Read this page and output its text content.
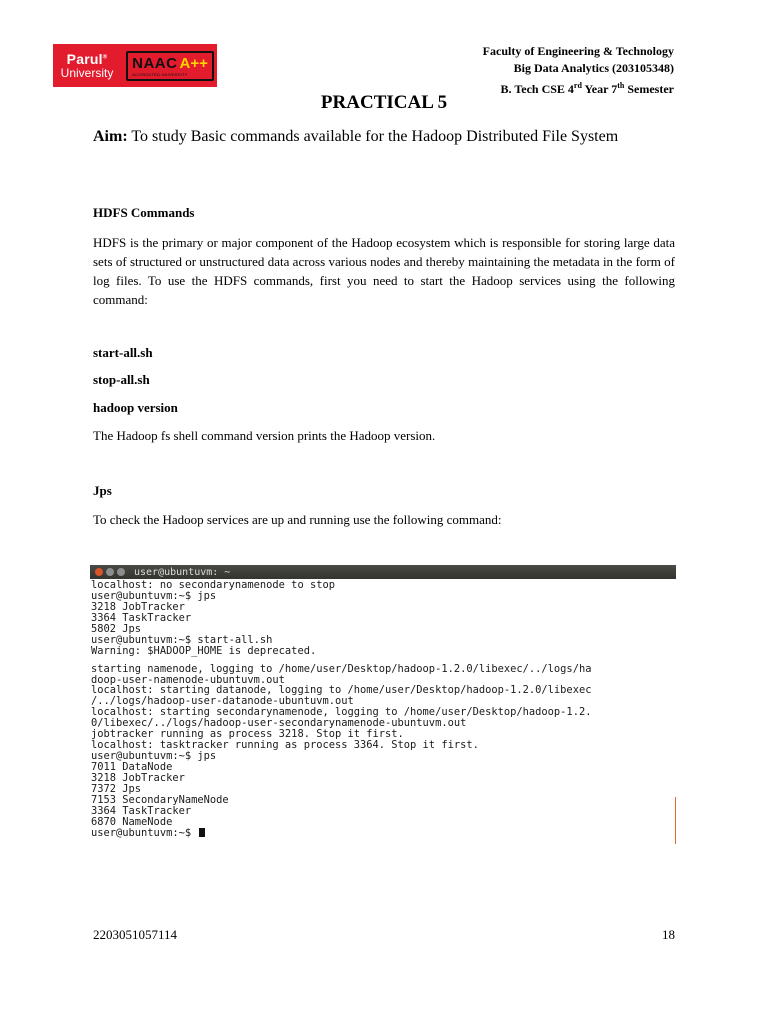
Parul®
University
NAAC A++
ACCREDITED UNIVERSITY
Faculty of Engineering & Technology
Big Data Analytics (203105348)
B. Tech CSE 4rd Year 7th Semester
PRACTICAL 5
Aim: To study Basic commands available for the Hadoop Distributed File System
HDFS Commands
HDFS is the primary or major component of the Hadoop ecosystem which is responsible for storing large data sets of structured or unstructured data across various nodes and thereby maintaining the metadata in the form of log files. To use the HDFS commands, first you need to start the Hadoop services using the following command:
start-all.sh
stop-all.sh
hadoop version
The Hadoop fs shell command version prints the Hadoop version.
Jps
To check the Hadoop services are up and running use the following command:
user@ubuntuvm: ~
localhost: no secondarynamenode to stop
user@ubuntuvm:~$ jps
3218 JobTracker
3364 TaskTracker
5802 Jps
user@ubuntuvm:~$ start-all.sh
Warning: $HADOOP_HOME is deprecated.
starting namenode, logging to /home/user/Desktop/hadoop-1.2.0/libexec/../logs/ha
doop-user-namenode-ubuntuvm.out
localhost: starting datanode, logging to /home/user/Desktop/hadoop-1.2.0/libexec
/../logs/hadoop-user-datanode-ubuntuvm.out
localhost: starting secondarynamenode, logging to /home/user/Desktop/hadoop-1.2.
0/libexec/../logs/hadoop-user-secondarynamenode-ubuntuvm.out
jobtracker running as process 3218. Stop it first.
localhost: tasktracker running as process 3364. Stop it first.
user@ubuntuvm:~$ jps
7011 DataNode
3218 JobTracker
7372 Jps
7153 SecondaryNameNode
3364 TaskTracker
6870 NameNode
user@ubuntuvm:~$
2203051057114	18
